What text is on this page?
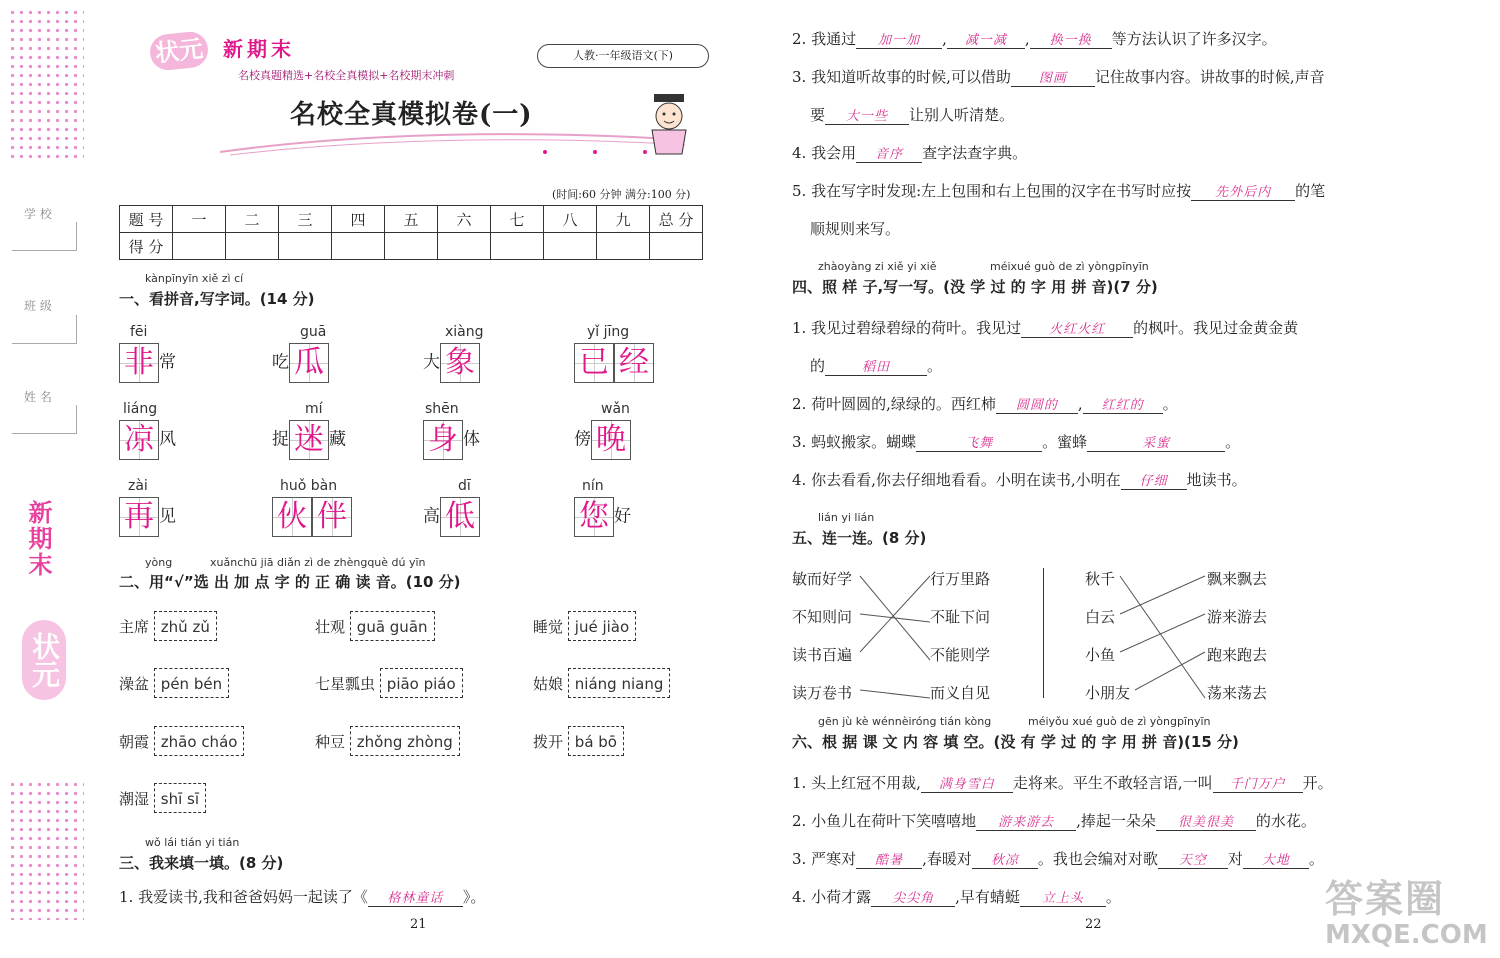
学 校
班 级
姓 名
新期末
状元
状元 新期末
名校真题精选+名校全真模拟+名校期末冲刺
人教·一年级语文(下)
名校全真模拟卷(一)
(时间:60 分钟 满分:100 分)
题 号	一	二	三	四	五	六	七	八	九	总 分
得 分										
kànpīnyīn xiě zì cí
一、看拼音,写字词。(14 分)
fēi
非 常
guā
吃 瓜
xiàng
大 象
yǐ jīng
已 经
liáng
凉 风
mí
捉 迷 藏
shēn
身 体
wǎn
傍 晚
zài
再 见
huǒ bàn
伙 伴
dī
高 低
nín
您 好
yòng	xuǎnchū jiā diǎn zì de zhèngquè dú yīn
二、用“√”选 出 加 点 字 的 正 确 读 音。(10 分)
主席 zhǔ zǔ	壮观 guā guān	睡觉 jué jiào
澡盆 pén bén	七星瓢虫 piāo piáo	姑娘 niáng niang
朝霞 zhāo cháo	种豆 zhǒng zhòng	拨开 bá bō
潮湿 shī sī
wǒ lái tián yi tián
三、我来填一填。(8 分)
1. 我爱读书,我和爸爸妈妈一起读了《 格林童话 》。
21
2. 我通过 加一加 , 减一减 , 换一换 等方法认识了许多汉字。
3. 我知道听故事的时候,可以借助 图画 记住故事内容。讲故事的时候,声音
要 大一些 让别人听清楚。
4. 我会用 音序 查字法查字典。
5. 我在写字时发现:左上包围和右上包围的汉字在书写时应按 先外后内 的笔
顺规则来写。
zhàoyàng zi xiě yi xiě	méixué guò de zì yòngpīnyīn
四、照 样 子,写一写。(没 学 过 的 字 用 拼 音)(7 分)
1. 我见过碧绿碧绿的荷叶。我见过 火红火红 的枫叶。我见过金黄金黄
的	稻田 。
2. 荷叶圆圆的,绿绿的。西红柿 圆圆的 , 红红的 。
3. 蚂蚁搬家。蝴蝶	飞舞	。蜜蜂	采蜜	。
4. 你去看看,你去仔细地看看。小明在读书,小明在 仔细 地读书。
lián yi lián
五、连一连。(8 分)
敏而好学
不知则问
读书百遍
读万卷书
行万里路
不耻下问
不能则学
而义自见
秋千
白云
小鱼
小朋友
飘来飘去
游来游去
跑来跑去
荡来荡去
gēn jù kè wénnèiróng tián kòng	méiyǒu xué guò de zì yòngpīnyīn
六、根 据 课 文 内 容 填 空。(没 有 学 过 的 字 用 拼 音)(15 分)
1. 头上红冠不用裁, 满身雪白 走将来。平生不敢轻言语,一叫 千门万户 开。
2. 小鱼儿在荷叶下笑嘻嘻地 游来游去 ,捧起一朵朵 很美很美 的水花。
3. 严寒对 酷暑 ,春暖对 秋凉 。我也会编对对歌 天空 对 大地 。
4. 小荷才露 尖尖角 ,早有蜻蜓 立上头 。
22
答案圈
MXQE.COM
